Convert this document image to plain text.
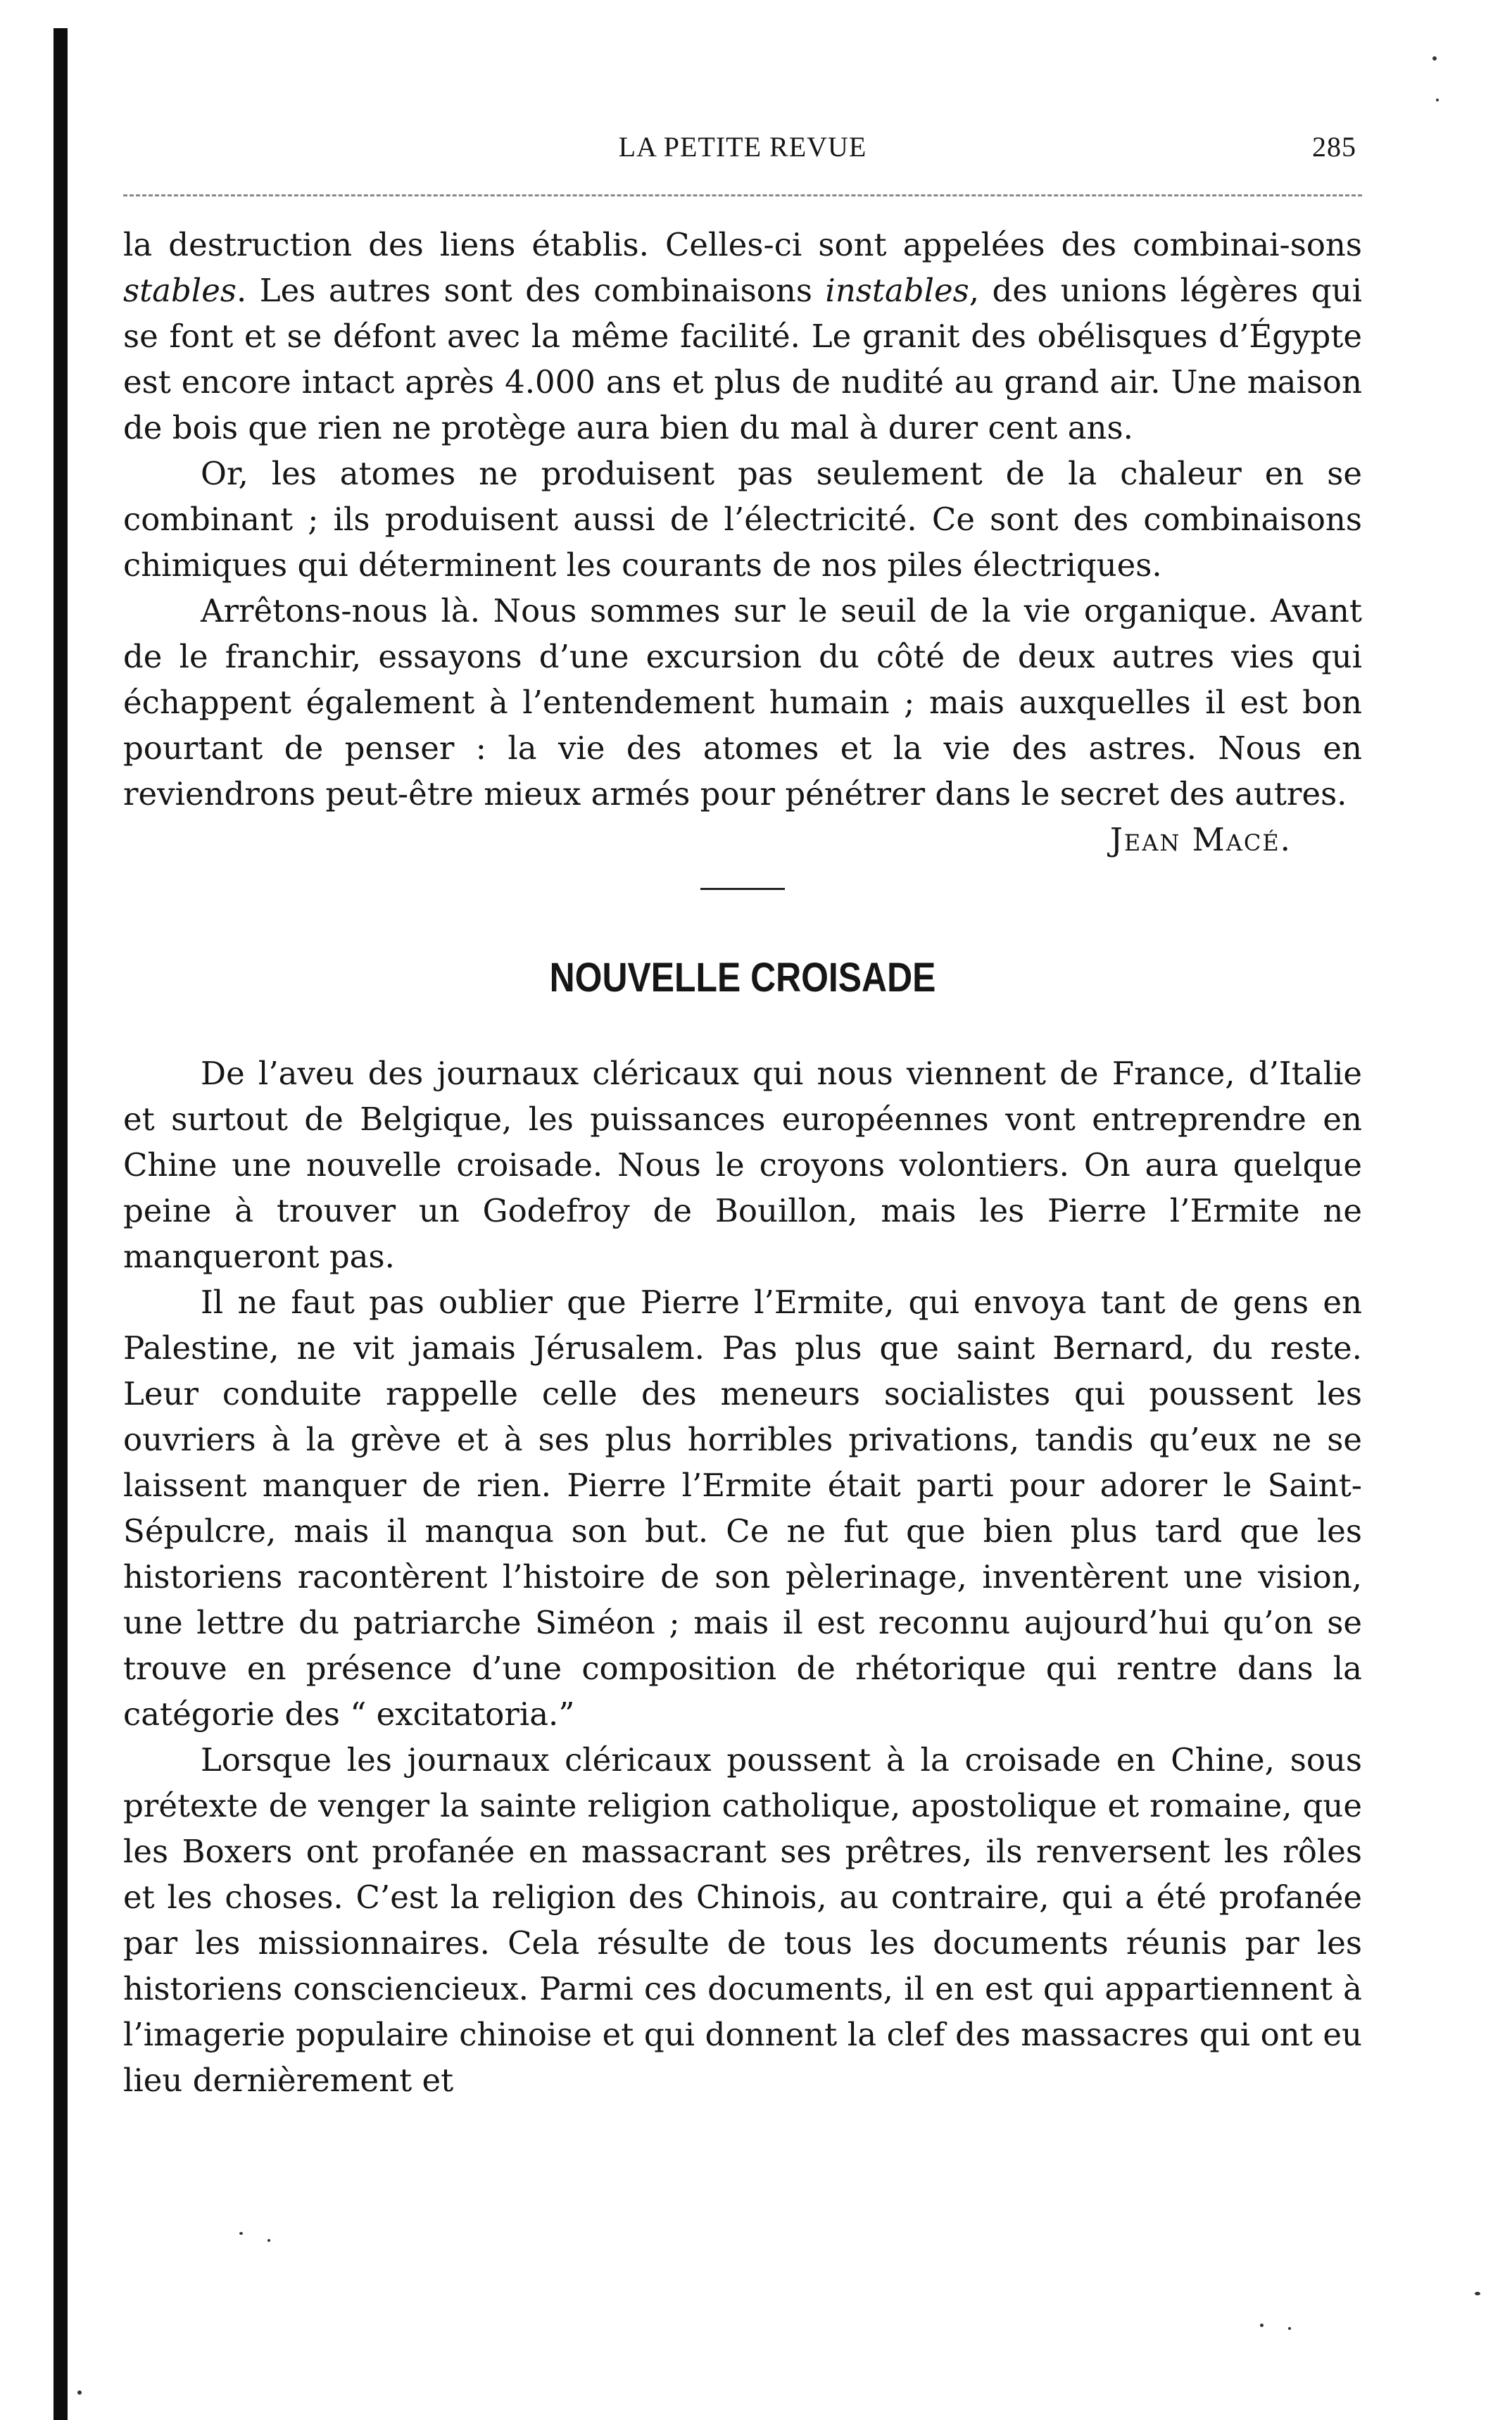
LA PETITE REVUE	285

la destruction des liens établis. Celles-ci sont appelées des combinai-sons stables. Les autres sont des combinaisons instables, des unions légères qui se font et se défont avec la même facilité. Le granit des obélisques d’Égypte est encore intact après 4.000 ans et plus de nudité au grand air. Une maison de bois que rien ne protège aura bien du mal à durer cent ans.

Or, les atomes ne produisent pas seulement de la chaleur en se combinant ; ils produisent aussi de l’électricité. Ce sont des combinaisons chimiques qui déterminent les courants de nos piles électriques.

Arrêtons-nous là. Nous sommes sur le seuil de la vie organique. Avant de le franchir, essayons d’une excursion du côté de deux autres vies qui échappent également à l’entendement humain ; mais auxquelles il est bon pourtant de penser : la vie des atomes et la vie des astres. Nous en reviendrons peut-être mieux armés pour pénétrer dans le secret des autres.

Jean Macé.

NOUVELLE CROISADE

De l’aveu des journaux cléricaux qui nous viennent de France, d’Italie et surtout de Belgique, les puissances européennes vont entreprendre en Chine une nouvelle croisade. Nous le croyons volontiers. On aura quelque peine à trouver un Godefroy de Bouillon, mais les Pierre l’Ermite ne manqueront pas.

Il ne faut pas oublier que Pierre l’Ermite, qui envoya tant de gens en Palestine, ne vit jamais Jérusalem. Pas plus que saint Bernard, du reste. Leur conduite rappelle celle des meneurs socialistes qui poussent les ouvriers à la grève et à ses plus horribles privations, tandis qu’eux ne se laissent manquer de rien. Pierre l’Ermite était parti pour adorer le Saint-Sépulcre, mais il manqua son but. Ce ne fut que bien plus tard que les historiens racontèrent l’histoire de son pèlerinage, inventèrent une vision, une lettre du patriarche Siméon ; mais il est reconnu aujourd’hui qu’on se trouve en présence d’une composition de rhétorique qui rentre dans la catégorie des “ excitatoria.”

Lorsque les journaux cléricaux poussent à la croisade en Chine, sous prétexte de venger la sainte religion catholique, apostolique et romaine, que les Boxers ont profanée en massacrant ses prêtres, ils renversent les rôles et les choses. C’est la religion des Chinois, au contraire, qui a été profanée par les missionnaires. Cela résulte de tous les documents réunis par les historiens consciencieux. Parmi ces documents, il en est qui appartiennent à l’imagerie populaire chinoise et qui donnent la clef des massacres qui ont eu lieu dernièrement et
